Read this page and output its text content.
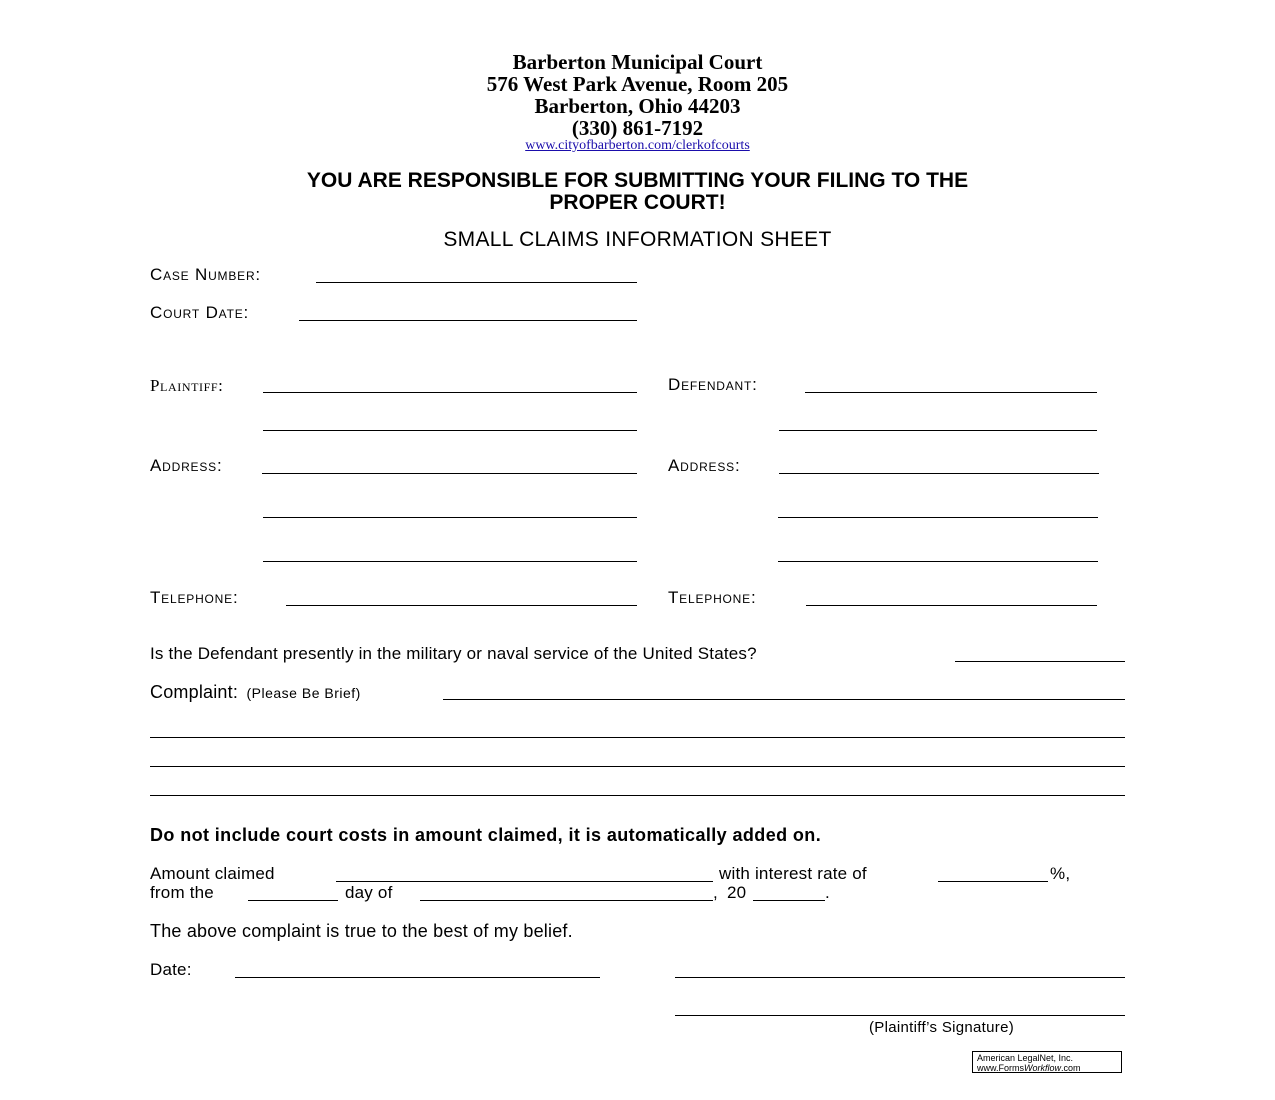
Barberton Municipal Court
576 West Park Avenue, Room 205
Barberton, Ohio 44203
(330) 861-7192
www.cityofbarberton.com/clerkofcourts
YOU ARE RESPONSIBLE FOR SUBMITTING YOUR FILING TO THE
PROPER COURT!
SMALL CLAIMS INFORMATION SHEET
Case Number:
Court Date:
Plaintiff:	Defendant:
Address:	Address:
Telephone:	Telephone:
Is the Defendant presently in the military or naval service of the United States?
Complaint: (Please Be Brief)
Do not include court costs in amount claimed, it is automatically added on.
Amount claimed	with interest rate of	%,
from the	day of	, 20	.
The above complaint is true to the best of my belief.
Date:
(Plaintiff’s Signature)
American LegalNet, Inc.
www.FormsWorkflow.com
